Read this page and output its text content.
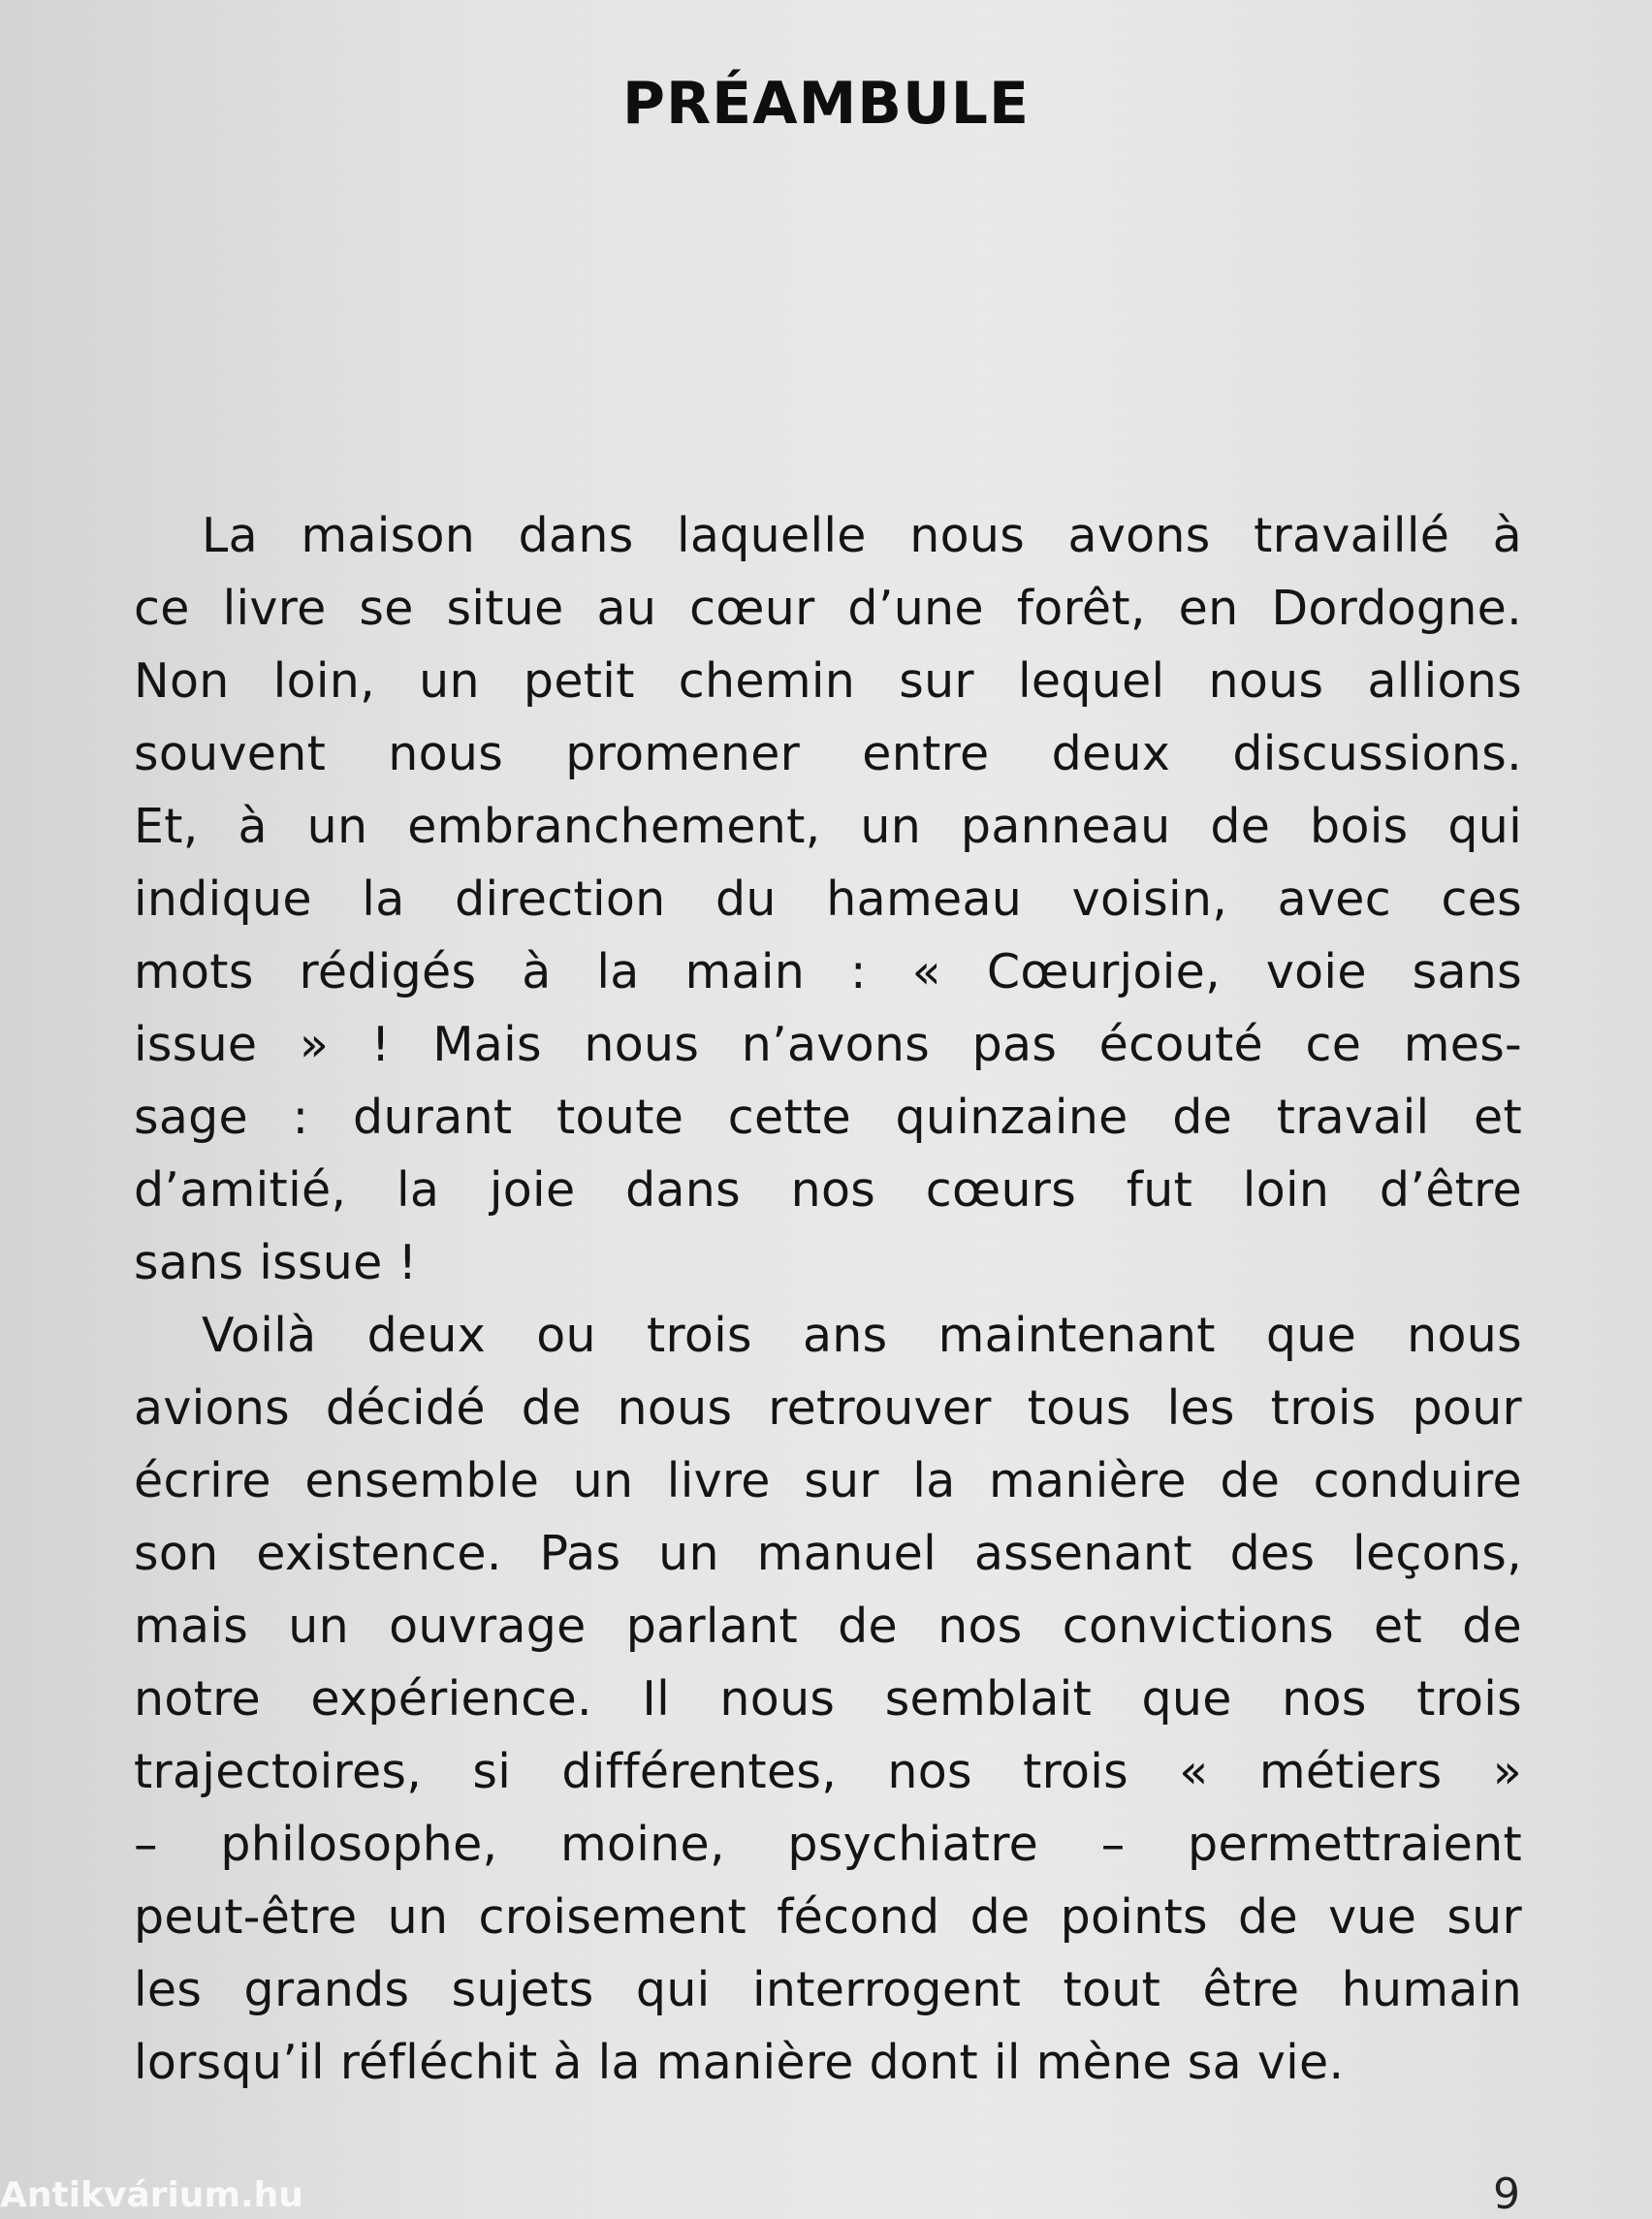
PRÉAMBULE

La maison dans laquelle nous avons travaillé à
ce livre se situe au cœur d’une forêt, en Dordogne.
Non loin, un petit chemin sur lequel nous allions
souvent nous promener entre deux discussions.
Et, à un embranchement, un panneau de bois qui
indique la direction du hameau voisin, avec ces
mots rédigés à la main : « Cœurjoie, voie sans
issue » ! Mais nous n’avons pas écouté ce mes-
sage : durant toute cette quinzaine de travail et
d’amitié, la joie dans nos cœurs fut loin d’être
sans issue !

Voilà deux ou trois ans maintenant que nous
avions décidé de nous retrouver tous les trois pour
écrire ensemble un livre sur la manière de conduire
son existence. Pas un manuel assenant des leçons,
mais un ouvrage parlant de nos convictions et de
notre expérience. Il nous semblait que nos trois
trajectoires, si différentes, nos trois « métiers »
– philosophe, moine, psychiatre – permettraient
peut-être un croisement fécond de points de vue sur
les grands sujets qui interrogent tout être humain
lorsqu’il réfléchit à la manière dont il mène sa vie.

Antikvárium.hu	9
